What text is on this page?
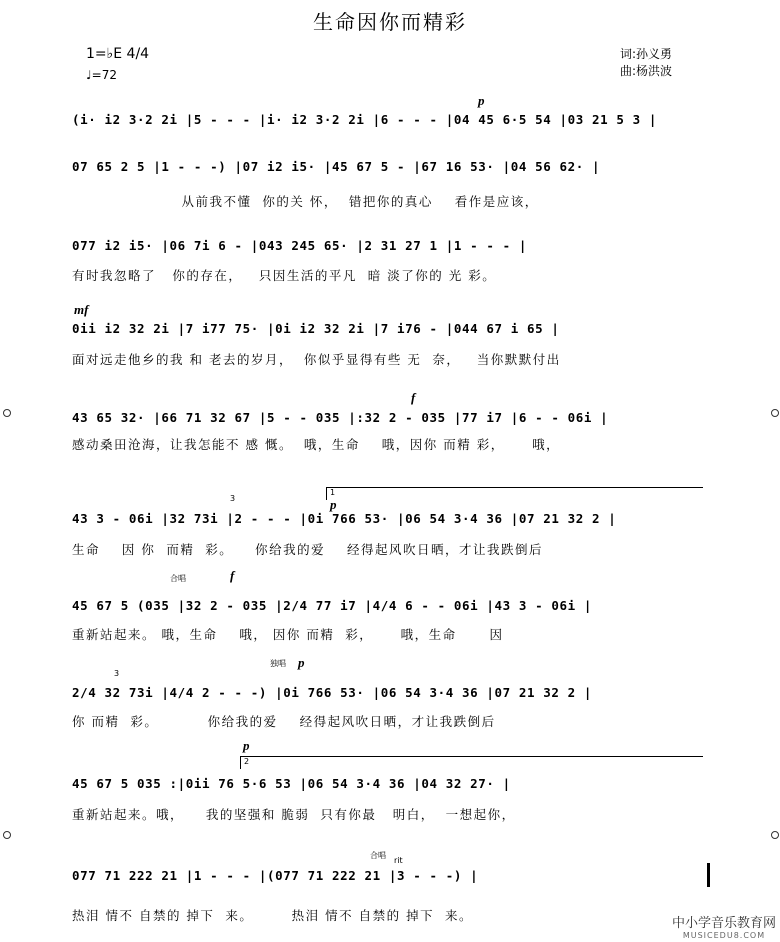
生命因你而精彩
1=♭E 4/4
♩=72
词:孙义勇
曲:杨洪波
(i· i2 3·2 2i |5 - - - |i· i2 3·2 2i |6 - - - |04 45 6·5 54 |03 21 5 3 |
07 65 2 5 |1 - - -) |07 i2 i5· |45 67 5 - |67 16 53· |04 56 62· |
从前我不懂  你的关 怀，  错把你的真心    看作是应该，
077 i2 i5· |06 7i 6 - |043 245 65· |2 31 27 1 |1 - - - |
有时我忽略了   你的存在，   只因生活的平凡  暗 淡了你的 光 彩。
0ii i2 32 2i |7 i77 75· |0i i2 32 2i |7 i76 - |044 67 i 65 |
面对远走他乡的我 和 老去的岁月，  你似乎显得有些 无  奈，   当你默默付出
43 65 32· |66 71 32 67 |5 - - 035 |:32 2 - 035 |77 i7 |6 - - 06i |
感动桑田沧海，让我怎能不 感 慨。  哦，生命    哦，因你 而精 彩，     哦，
43 3 - 06i |32 73i |2 - - - |0i 766 53· |06 54 3·4 36 |07 21 32 2 |
生命    因 你  而精  彩。    你给我的爱    经得起风吹日晒，才让我跌倒后
45 67 5 (035 |32 2 - 035 |2/4 77 i7 |4/4 6 - - 06i |43 3 - 06i |
重新站起来。 哦，生命    哦， 因你 而精  彩，     哦，生命      因
2/4 32 73i |4/4 2 - - -) |0i 766 53· |06 54 3·4 36 |07 21 32 2 |
你 而精  彩。         你给我的爱    经得起风吹日晒，才让我跌倒后
45 67 5 035 :|0ii 76 5·6 53 |06 54 3·4 36 |04 32 27· |
重新站起来。哦，    我的坚强和 脆弱  只有你最   明白，  一想起你，
077 71 222 21 |1 - - - |(077 71 222 21 |3 - - -) |
热泪 情不 自禁的 掉下  来。       热泪 情不 自禁的 掉下  来。
p
mf
f
p
f
p
p
合唱
独唱
合唱
rit
1
2
3
3
中小学音乐教育网
MUSICEDU8.COM
